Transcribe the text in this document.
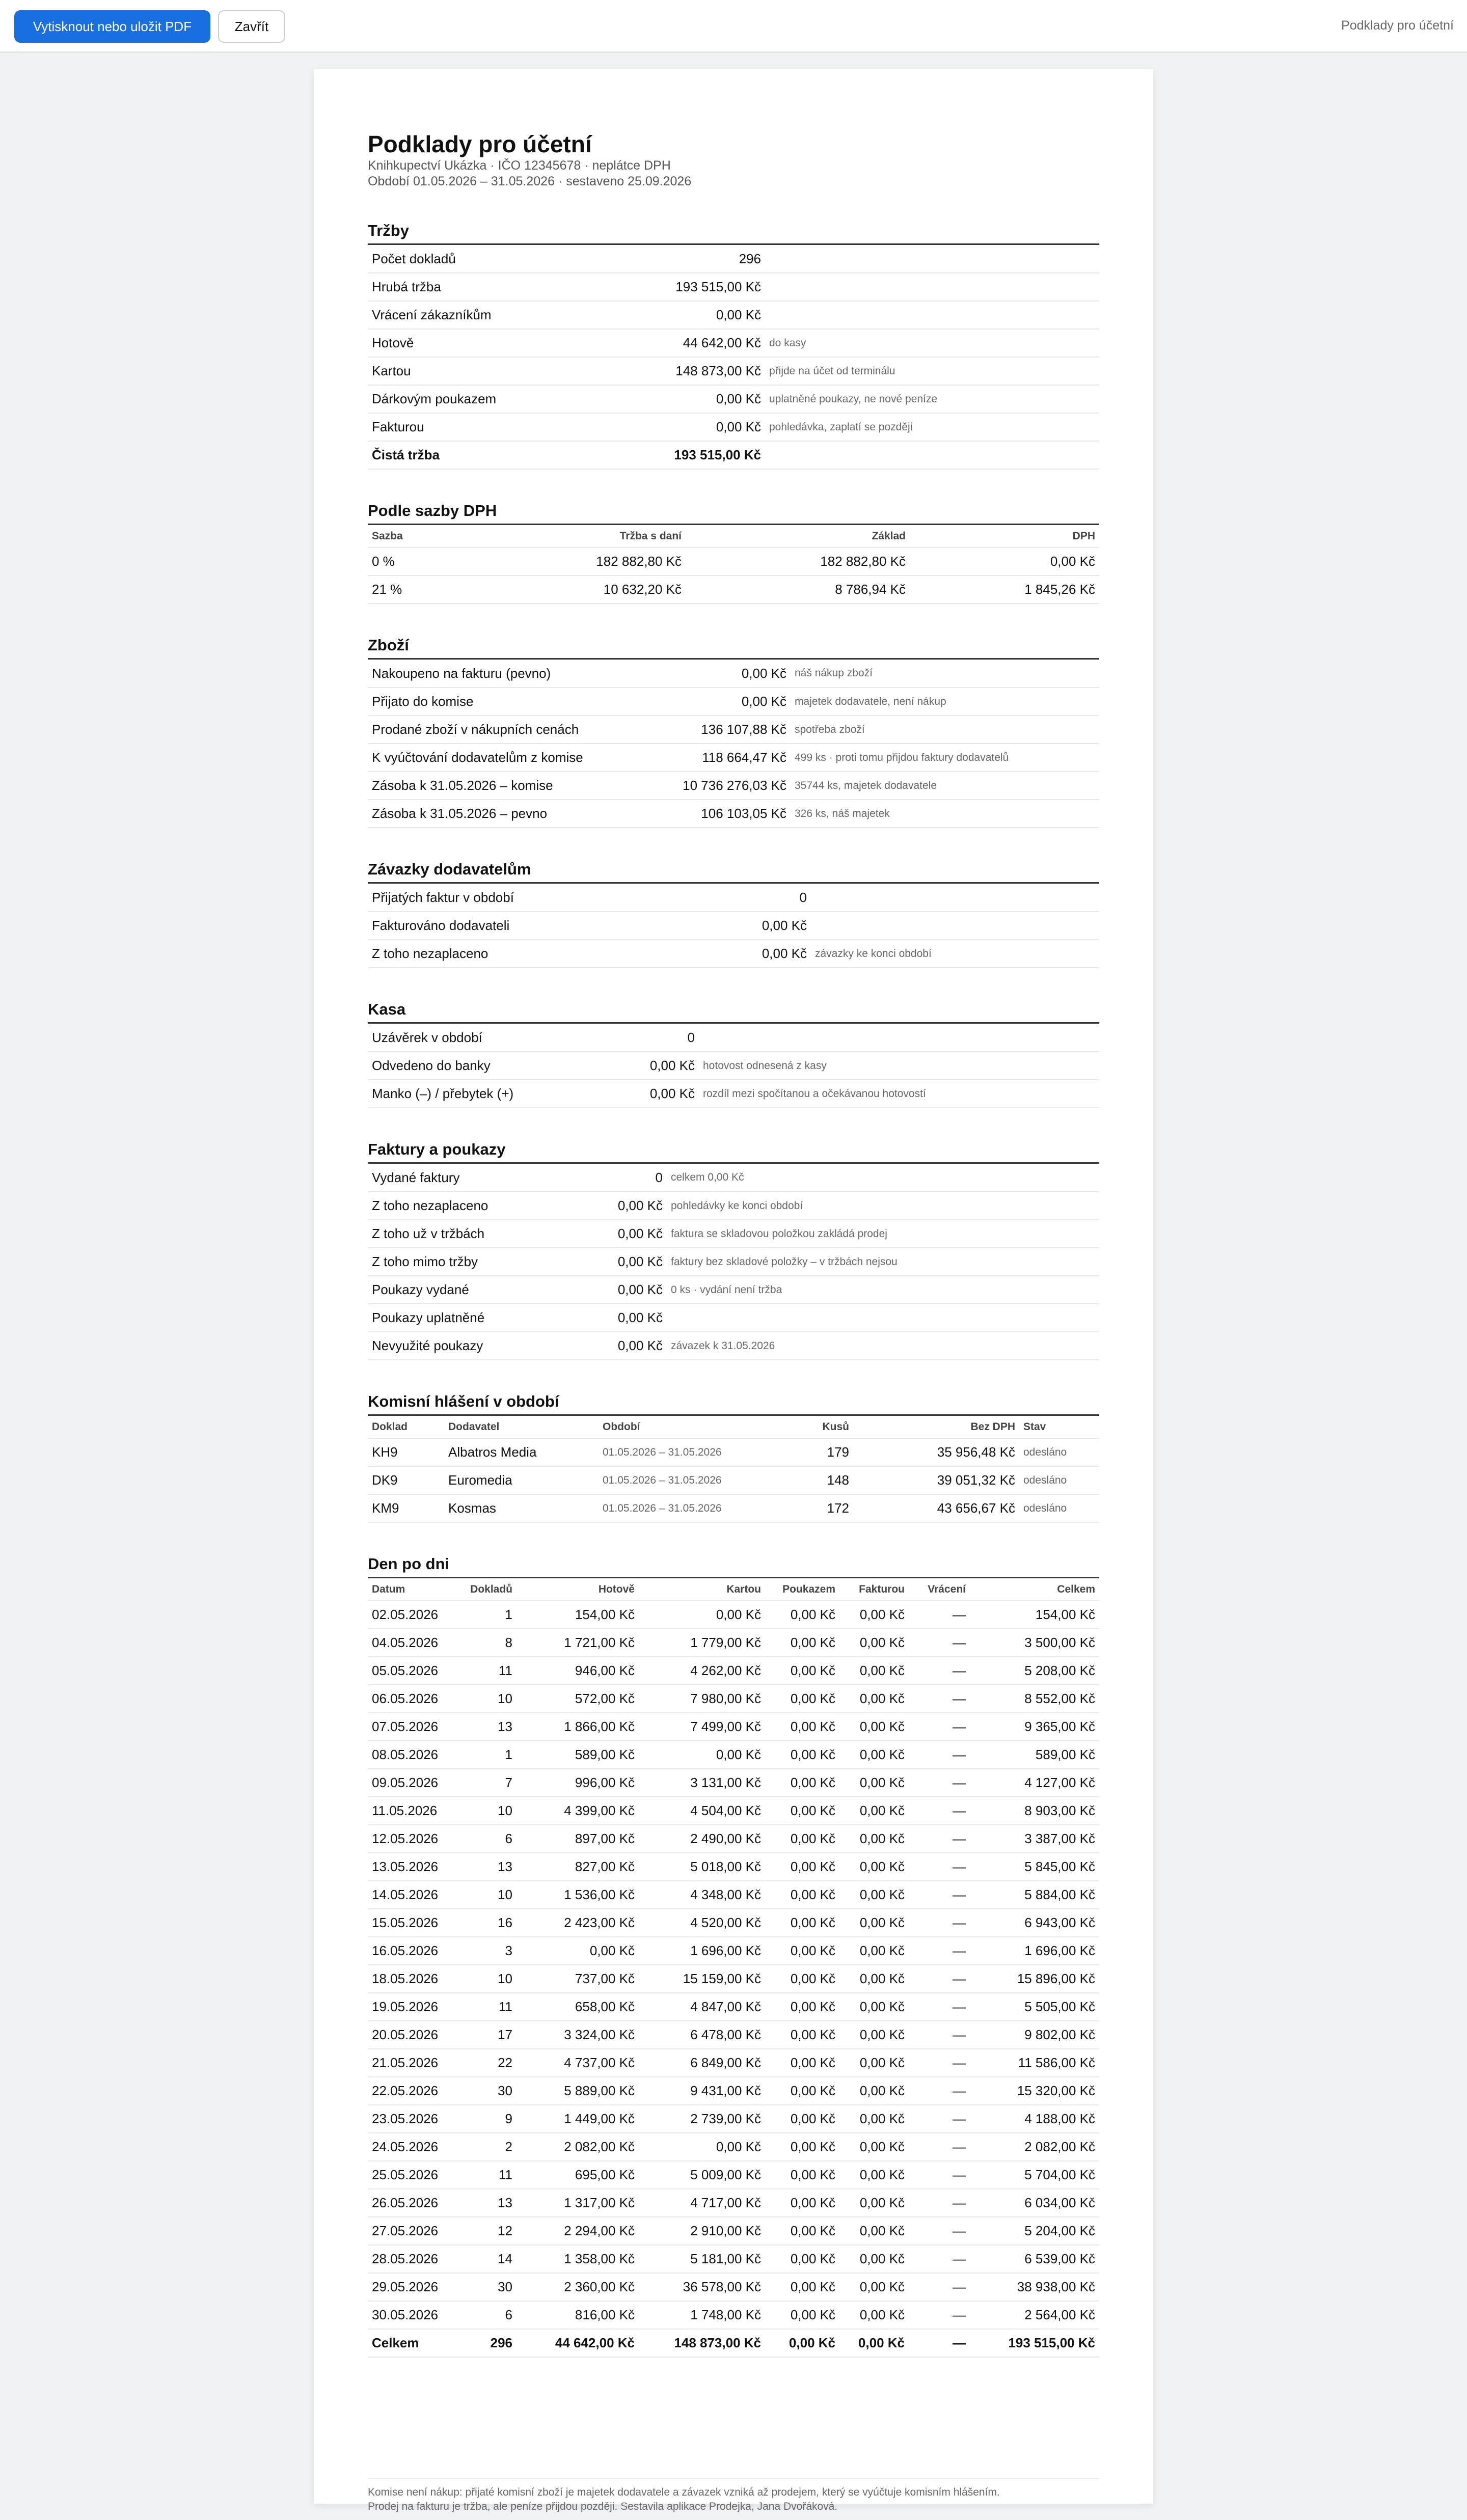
Vytisknout nebo uložit PDF	Zavřít	Podklady pro účetní
Podklady pro účetní
Knihkupectví Ukázka · IČO 12345678 · neplátce DPH
Období 01.05.2026 – 31.05.2026 · sestaveno 25.09.2026
Tržby
Počet dokladů	296	
Hrubá tržba	193 515,00 Kč	
Vrácení zákazníkům	0,00 Kč	
Hotově	44 642,00 Kč	do kasy
Kartou	148 873,00 Kč	přijde na účet od terminálu
Dárkovým poukazem	0,00 Kč	uplatněné poukazy, ne nové peníze
Fakturou	0,00 Kč	pohledávka, zaplatí se později
Čistá tržba	193 515,00 Kč	
Podle sazby DPH
Sazba	Tržba s daní	Základ	DPH
0 %	182 882,80 Kč	182 882,80 Kč	0,00 Kč
21 %	10 632,20 Kč	8 786,94 Kč	1 845,26 Kč
Zboží
Nakoupeno na fakturu (pevno)	0,00 Kč	náš nákup zboží
Přijato do komise	0,00 Kč	majetek dodavatele, není nákup
Prodané zboží v nákupních cenách	136 107,88 Kč	spotřeba zboží
K vyúčtování dodavatelům z komise	118 664,47 Kč	499 ks · proti tomu přijdou faktury dodavatelů
Zásoba k 31.05.2026 – komise	10 736 276,03 Kč	35744 ks, majetek dodavatele
Zásoba k 31.05.2026 – pevno	106 103,05 Kč	326 ks, náš majetek
Závazky dodavatelům
Přijatých faktur v období	0	
Fakturováno dodavateli	0,00 Kč	
Z toho nezaplaceno	0,00 Kč	závazky ke konci období
Kasa
Uzávěrek v období	0	
Odvedeno do banky	0,00 Kč	hotovost odnesená z kasy
Manko (–) / přebytek (+)	0,00 Kč	rozdíl mezi spočítanou a očekávanou hotovostí
Faktury a poukazy
Vydané faktury	0	celkem 0,00 Kč
Z toho nezaplaceno	0,00 Kč	pohledávky ke konci období
Z toho už v tržbách	0,00 Kč	faktura se skladovou položkou zakládá prodej
Z toho mimo tržby	0,00 Kč	faktury bez skladové položky – v tržbách nejsou
Poukazy vydané	0,00 Kč	0 ks · vydání není tržba
Poukazy uplatněné	0,00 Kč	
Nevyužité poukazy	0,00 Kč	závazek k 31.05.2026
Komisní hlášení v období
Doklad	Dodavatel	Období	Kusů	Bez DPH	Stav
KH9	Albatros Media	01.05.2026 – 31.05.2026	179	35 956,48 Kč	odesláno
DK9	Euromedia	01.05.2026 – 31.05.2026	148	39 051,32 Kč	odesláno
KM9	Kosmas	01.05.2026 – 31.05.2026	172	43 656,67 Kč	odesláno
Den po dni
Datum	Dokladů	Hotově	Kartou	Poukazem	Fakturou	Vrácení	Celkem
02.05.2026	1	154,00 Kč	0,00 Kč	0,00 Kč	0,00 Kč	—	154,00 Kč
04.05.2026	8	1 721,00 Kč	1 779,00 Kč	0,00 Kč	0,00 Kč	—	3 500,00 Kč
05.05.2026	11	946,00 Kč	4 262,00 Kč	0,00 Kč	0,00 Kč	—	5 208,00 Kč
06.05.2026	10	572,00 Kč	7 980,00 Kč	0,00 Kč	0,00 Kč	—	8 552,00 Kč
07.05.2026	13	1 866,00 Kč	7 499,00 Kč	0,00 Kč	0,00 Kč	—	9 365,00 Kč
08.05.2026	1	589,00 Kč	0,00 Kč	0,00 Kč	0,00 Kč	—	589,00 Kč
09.05.2026	7	996,00 Kč	3 131,00 Kč	0,00 Kč	0,00 Kč	—	4 127,00 Kč
11.05.2026	10	4 399,00 Kč	4 504,00 Kč	0,00 Kč	0,00 Kč	—	8 903,00 Kč
12.05.2026	6	897,00 Kč	2 490,00 Kč	0,00 Kč	0,00 Kč	—	3 387,00 Kč
13.05.2026	13	827,00 Kč	5 018,00 Kč	0,00 Kč	0,00 Kč	—	5 845,00 Kč
14.05.2026	10	1 536,00 Kč	4 348,00 Kč	0,00 Kč	0,00 Kč	—	5 884,00 Kč
15.05.2026	16	2 423,00 Kč	4 520,00 Kč	0,00 Kč	0,00 Kč	—	6 943,00 Kč
16.05.2026	3	0,00 Kč	1 696,00 Kč	0,00 Kč	0,00 Kč	—	1 696,00 Kč
18.05.2026	10	737,00 Kč	15 159,00 Kč	0,00 Kč	0,00 Kč	—	15 896,00 Kč
19.05.2026	11	658,00 Kč	4 847,00 Kč	0,00 Kč	0,00 Kč	—	5 505,00 Kč
20.05.2026	17	3 324,00 Kč	6 478,00 Kč	0,00 Kč	0,00 Kč	—	9 802,00 Kč
21.05.2026	22	4 737,00 Kč	6 849,00 Kč	0,00 Kč	0,00 Kč	—	11 586,00 Kč
22.05.2026	30	5 889,00 Kč	9 431,00 Kč	0,00 Kč	0,00 Kč	—	15 320,00 Kč
23.05.2026	9	1 449,00 Kč	2 739,00 Kč	0,00 Kč	0,00 Kč	—	4 188,00 Kč
24.05.2026	2	2 082,00 Kč	0,00 Kč	0,00 Kč	0,00 Kč	—	2 082,00 Kč
25.05.2026	11	695,00 Kč	5 009,00 Kč	0,00 Kč	0,00 Kč	—	5 704,00 Kč
26.05.2026	13	1 317,00 Kč	4 717,00 Kč	0,00 Kč	0,00 Kč	—	6 034,00 Kč
27.05.2026	12	2 294,00 Kč	2 910,00 Kč	0,00 Kč	0,00 Kč	—	5 204,00 Kč
28.05.2026	14	1 358,00 Kč	5 181,00 Kč	0,00 Kč	0,00 Kč	—	6 539,00 Kč
29.05.2026	30	2 360,00 Kč	36 578,00 Kč	0,00 Kč	0,00 Kč	—	38 938,00 Kč
30.05.2026	6	816,00 Kč	1 748,00 Kč	0,00 Kč	0,00 Kč	—	2 564,00 Kč
Celkem	296	44 642,00 Kč	148 873,00 Kč	0,00 Kč	0,00 Kč	—	193 515,00 Kč
Komise není nákup: přijaté komisní zboží je majetek dodavatele a závazek vzniká až prodejem, který se vyúčtuje komisním hlášením.
Prodej na fakturu je tržba, ale peníze přijdou později. Sestavila aplikace Prodejka, Jana Dvořáková.
